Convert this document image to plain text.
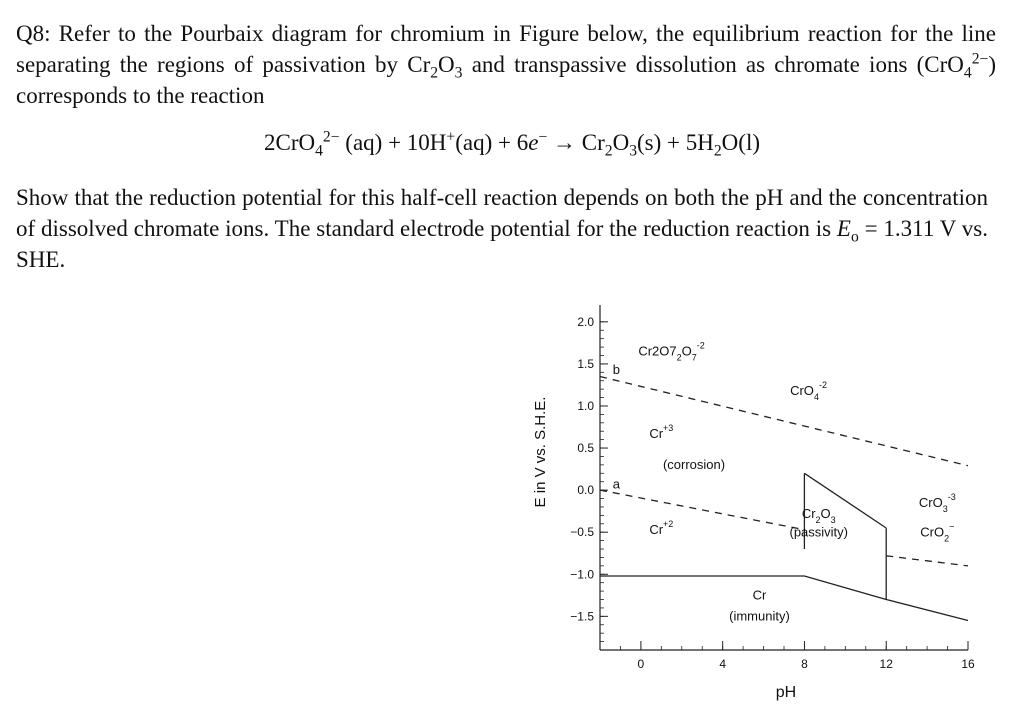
Q8: Refer to the Pourbaix diagram for chromium in Figure below, the equilibrium reaction for the line separating the regions of passivation by $Cr_2O_3$ and transpassive dissolution as chromate ions (CrO$_4^{2-}$) corresponds to the reaction
2CrO$_4^{2-}$ $(aq) + 10H^+(aq) + 6e^- \to Cr_2O_3(s) + 5H_2O(l)$
Show that the reduction potential for this half-cell reaction depends on both the pH and the concentration of dissolved chromate ions. The standard electrode potential for the reduction reaction is $E_o = 1.311$ V vs. SHE.
2.0
1.5
1.0
0.5
0.0
−0.5
−1.0
−1.5
0	4	8	12	16
$Cr2O7_2O_7^{-2}$
CrO$_4^{-2}$
$Cr^{+3}$
(corrosion)
a
b
$Cr_2O_3$
(passivity)
CrO$_3^{-3}$
CrO$_2$−
$Cr^{+2}$
Cr
(immunity)
E in V vs. S.H.E.
pH
